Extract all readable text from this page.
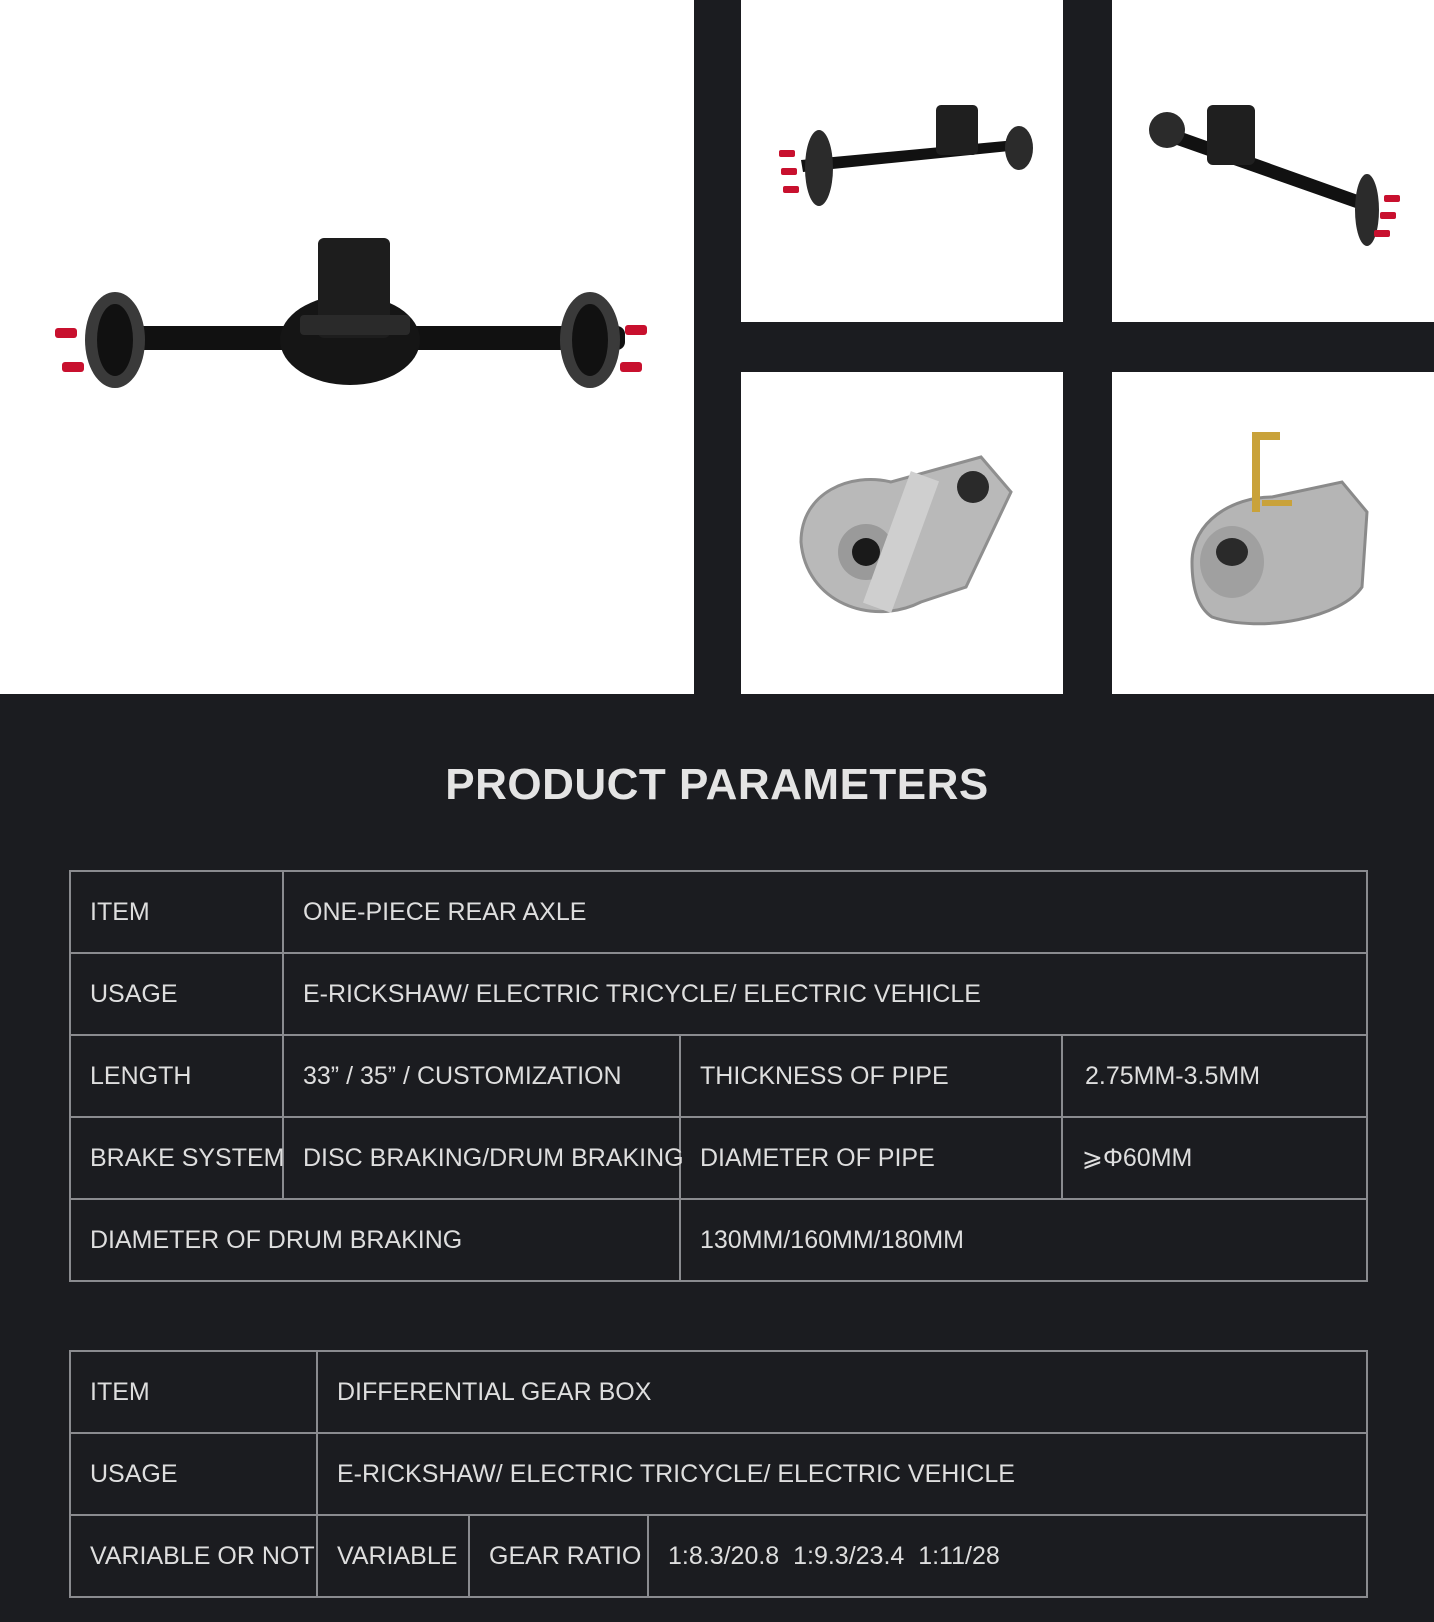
PRODUCT PARAMETERS
ITEM	ONE-PIECE REAR AXLE		
USAGE	E-RICKSHAW/ ELECTRIC TRICYCLE/ ELECTRIC VEHICLE		
LENGTH	33” / 35” / CUSTOMIZATION	THICKNESS OF PIPE	2.75MM-3.5MM
BRAKE SYSTEM	DISC BRAKING/DRUM BRAKING	DIAMETER OF PIPE	⩾Φ60MM
DIAMETER OF DRUM BRAKING		130MM/160MM/180MM	
ITEM	DIFFERENTIAL GEAR BOX		
USAGE	E-RICKSHAW/ ELECTRIC TRICYCLE/ ELECTRIC VEHICLE		
VARIABLE OR NOT	VARIABLE	GEAR RATIO	1:8.3/20.8  1:9.3/23.4  1:11/28
